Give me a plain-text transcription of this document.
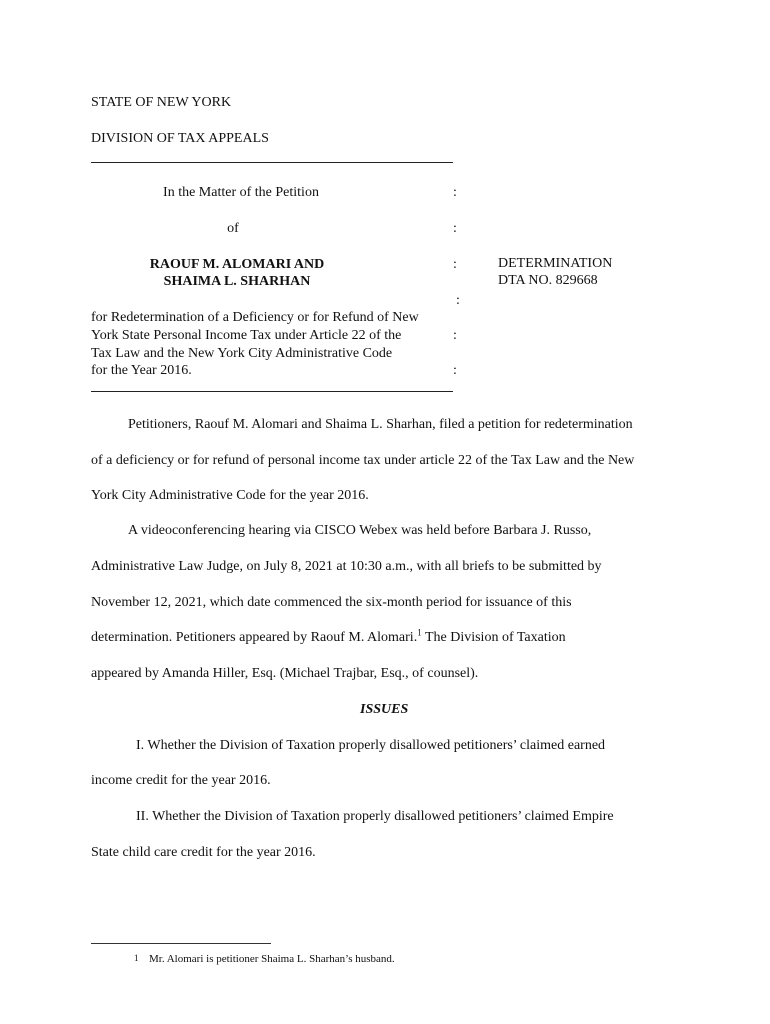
STATE OF NEW YORK
DIVISION OF TAX APPEALS
In the Matter of the Petition
of
RAOUF M. ALOMARI AND
SHAIMA L. SHARHAN
for Redetermination of a Deficiency or for Refund of New
York State Personal Income Tax under Article 22 of the
Tax Law and the New York City Administrative Code
for the Year 2016.
:
:
:
:
:
:
DETERMINATION
DTA NO. 829668
Petitioners, Raouf M. Alomari and Shaima L. Sharhan, filed a petition for redetermination
of a deficiency or for refund of personal income tax under article 22 of the Tax Law and the New
York City Administrative Code for the year 2016.
A videoconferencing hearing via CISCO Webex was held before Barbara J. Russo,
Administrative Law Judge, on July 8, 2021 at 10:30 a.m., with all briefs to be submitted by
November 12, 2021, which date commenced the six-month period for issuance of this
determination. Petitioners appeared by Raouf M. Alomari.$^1$ The Division of Taxation
appeared by Amanda Hiller, Esq. (Michael Trajbar, Esq., of counsel).
ISSUES
I. Whether the Division of Taxation properly disallowed petitioners’ claimed earned
income credit for the year 2016.
II. Whether the Division of Taxation properly disallowed petitioners’ claimed Empire
State child care credit for the year 2016.
1 Mr. Alomari is petitioner Shaima L. Sharhan’s husband.
